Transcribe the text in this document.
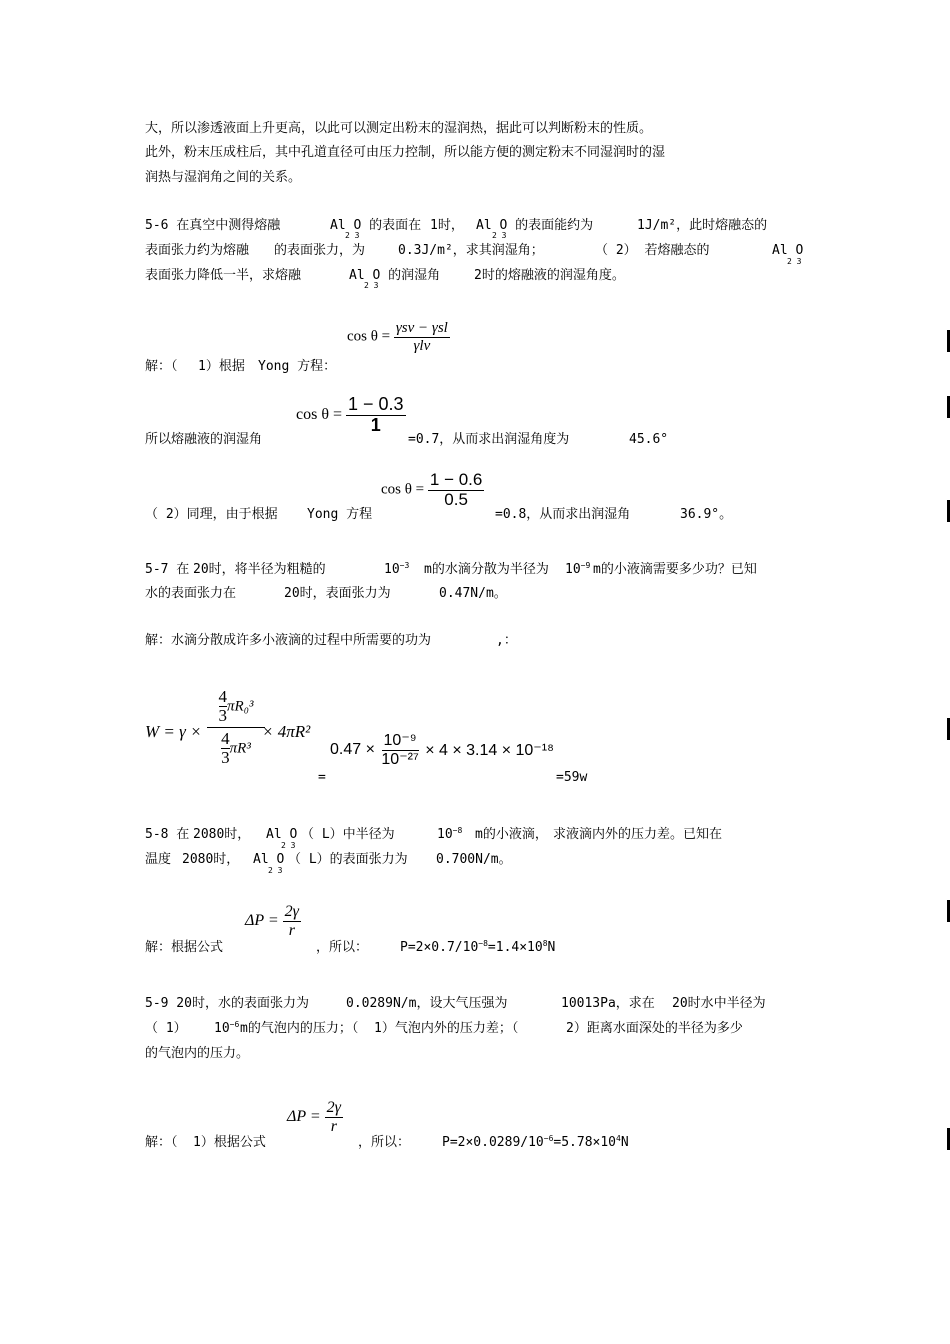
大，所以渗透液面上升更高，以此可以测定出粉末的湿润热，据此可以判断粉末的性质。
此外，粉末压成柱后，其中孔道直径可由压力控制，所以能方便的测定粉末不同湿润时的湿
润热与湿润角之间的关系。
5-6 在真空中测得熔融	Al O 的表面在
2 3
1时， Al O 的表面能约为
2 3
1J/m²，此时熔融态的
表面张力约为熔融 的表面张力，为	0.3J/m²，求其润湿角；	（ 2） 若熔融态的	Al O
2 3
表面张力降低一半，求熔融	Al O 的润湿角
2 3
2时的熔融液的润湿角度。
$\cos \theta = \frac{\text{γsv − γsl}}{\text{γlv}}$
解：（ 1）根据 Yong 方程：
$\cos \theta = \frac{1 - 0.3}{1}$
所以熔融液的润湿角	=0.7，从而求出润湿角度为	45.6°
$\cos \theta = \frac{1 - 0.6}{0.5}$
（ 2）同理，由于根据 Yong 方程	=0.8，从而求出润湿角	36.9°。
5-7 在 20时，将半径为粗糙的	$10^{-3}$ m的水滴分散为半径为 $10^{-9}$ m的小液滴需要多少功？已知
水的表面张力在	20时，表面张力为	0.47N/m。
解：水滴分散成许多小液滴的过程中所需要的功为	,：
W = γ ×
$\frac{4}{3} \pi R_0^3$
$\frac{4}{3} \pi R^3$
× 4πR²
=
$0.47 \times \frac{\text{10⁻⁹}}{\text{10⁻²⁷}} \times 4 \times 3.14 \times 10^{-18}$
=59w
5-8 在 2080时， Al O
2 3
（ L）中半径为	$10^{-8}$ m的小液滴， 求液滴内外的压力差。已知在
温度 2080时， Al O
2 3
（ L）的表面张力为 0.700N/m。
$\Delta P = \frac{2\gamma}{r}$
解：根据公式	，所以： $P=2\times 0.7/10^{-8}=1.4\times 10^8N$
5-9 20时，水的表面张力为	0.0289N/m，设大气压强为	10013Pa，求在 20时水中半径为
（ 1） $10^{-6}$ m的气泡内的压力；（ 1）气泡内外的压力差；（	2）距离水面深处的半径为多少
的气泡内的压力。
$\Delta P = \frac{2\gamma}{r}$
解：（ 1）根据公式	，所以： $P=2\times 0.0289/10^{-6}=5.78\times 10^4N$
